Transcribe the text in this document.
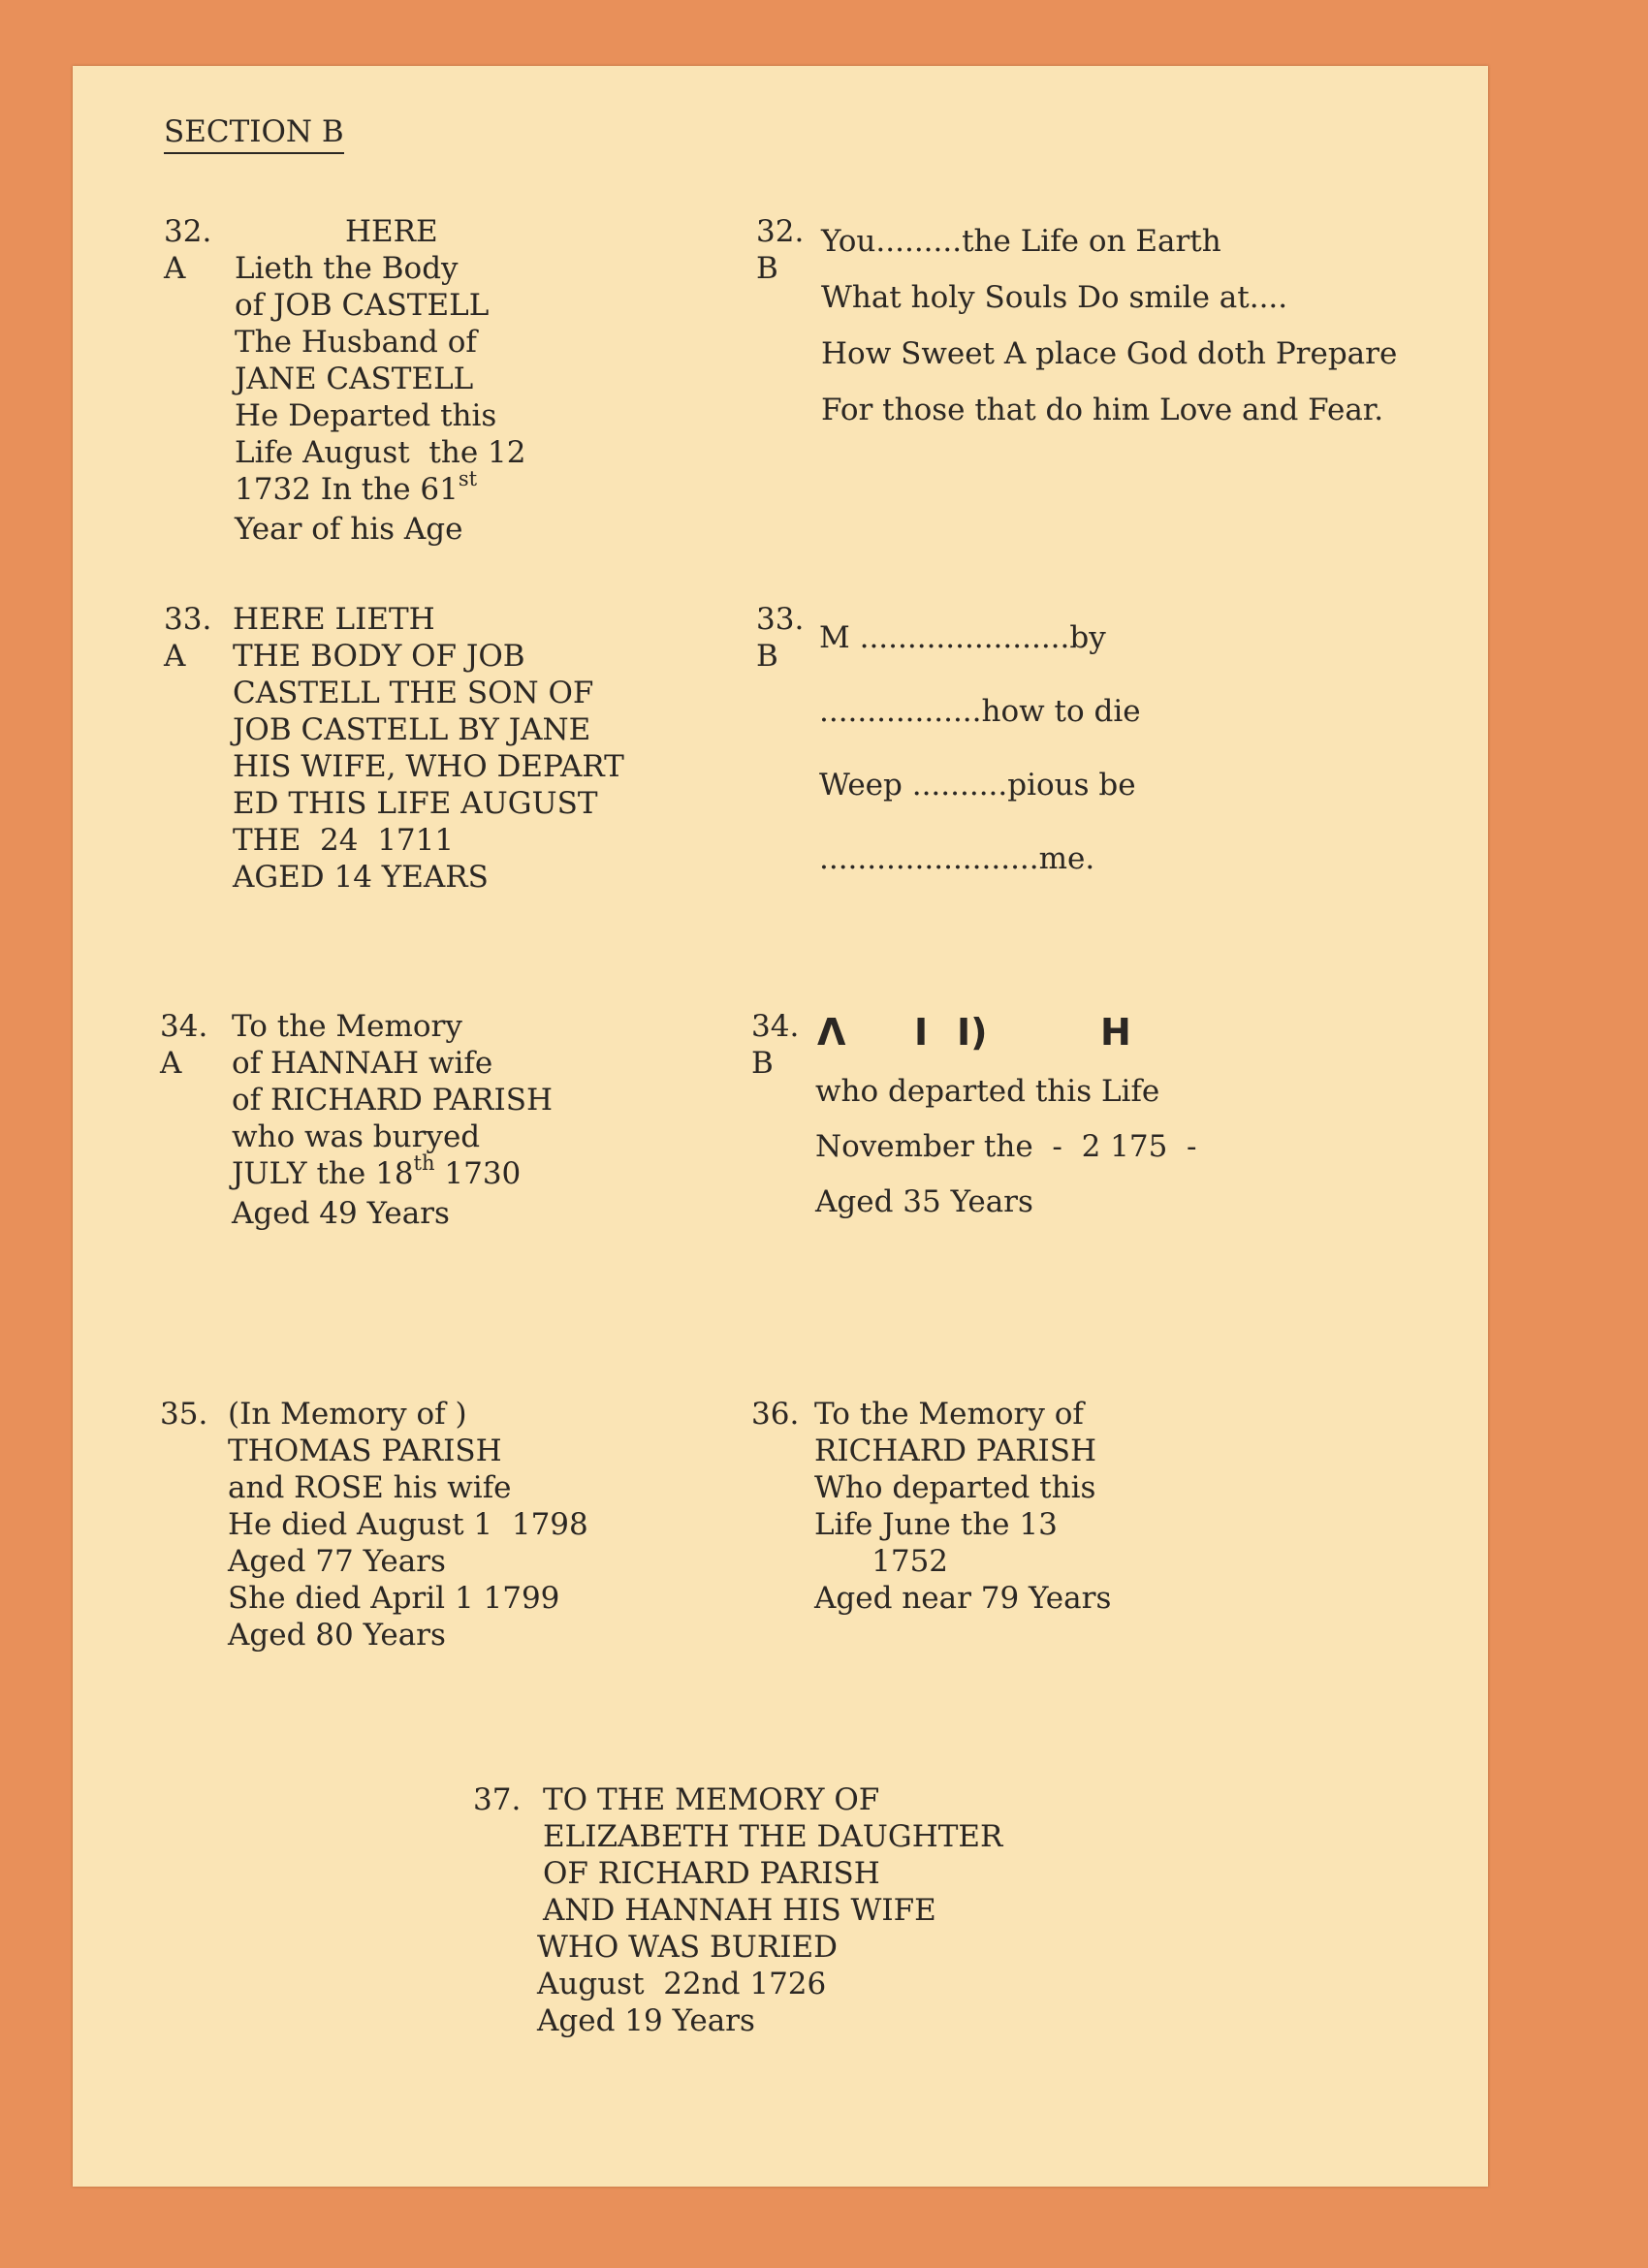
SECTION B
32.
A
HERE
Lieth the Body
of JOB CASTELL
The Husband of
JANE CASTELL
He Departed this
Life August  the 12
1732 In the 61st
Year of his Age
32.
B
You.........the Life on Earth
What holy Souls Do smile at....
How Sweet A place God doth Prepare
For those that do him Love and Fear.
33.
A
HERE LIETH
THE BODY OF JOB
CASTELL THE SON OF
JOB CASTELL BY JANE
HIS WIFE, WHO DEPART
ED THIS LIFE AUGUST
THE  24  1711
AGED 14 YEARS
33.
B
M ......................by
.................how to die
Weep ..........pious be
.......................me.
34.
A
To the Memory
of HANNAH wife
of RICHARD PARISH
who was buryed
JULY the 18th 1730
Aged 49 Years
34.
B
Λ I I)	H
who departed this Life
November the  -  2 175  -
Aged 35 Years
35. (In Memory of )
THOMAS PARISH
and ROSE his wife
He died August 1  1798
Aged 77 Years
She died April 1 1799
Aged 80 Years
36. To the Memory of
RICHARD PARISH
Who departed this
Life June the 13
1752
Aged near 79 Years
37. TO THE MEMORY OF
ELIZABETH THE DAUGHTER
OF RICHARD PARISH
AND HANNAH HIS WIFE
WHO WAS BURIED
August  22nd 1726
Aged 19 Years
